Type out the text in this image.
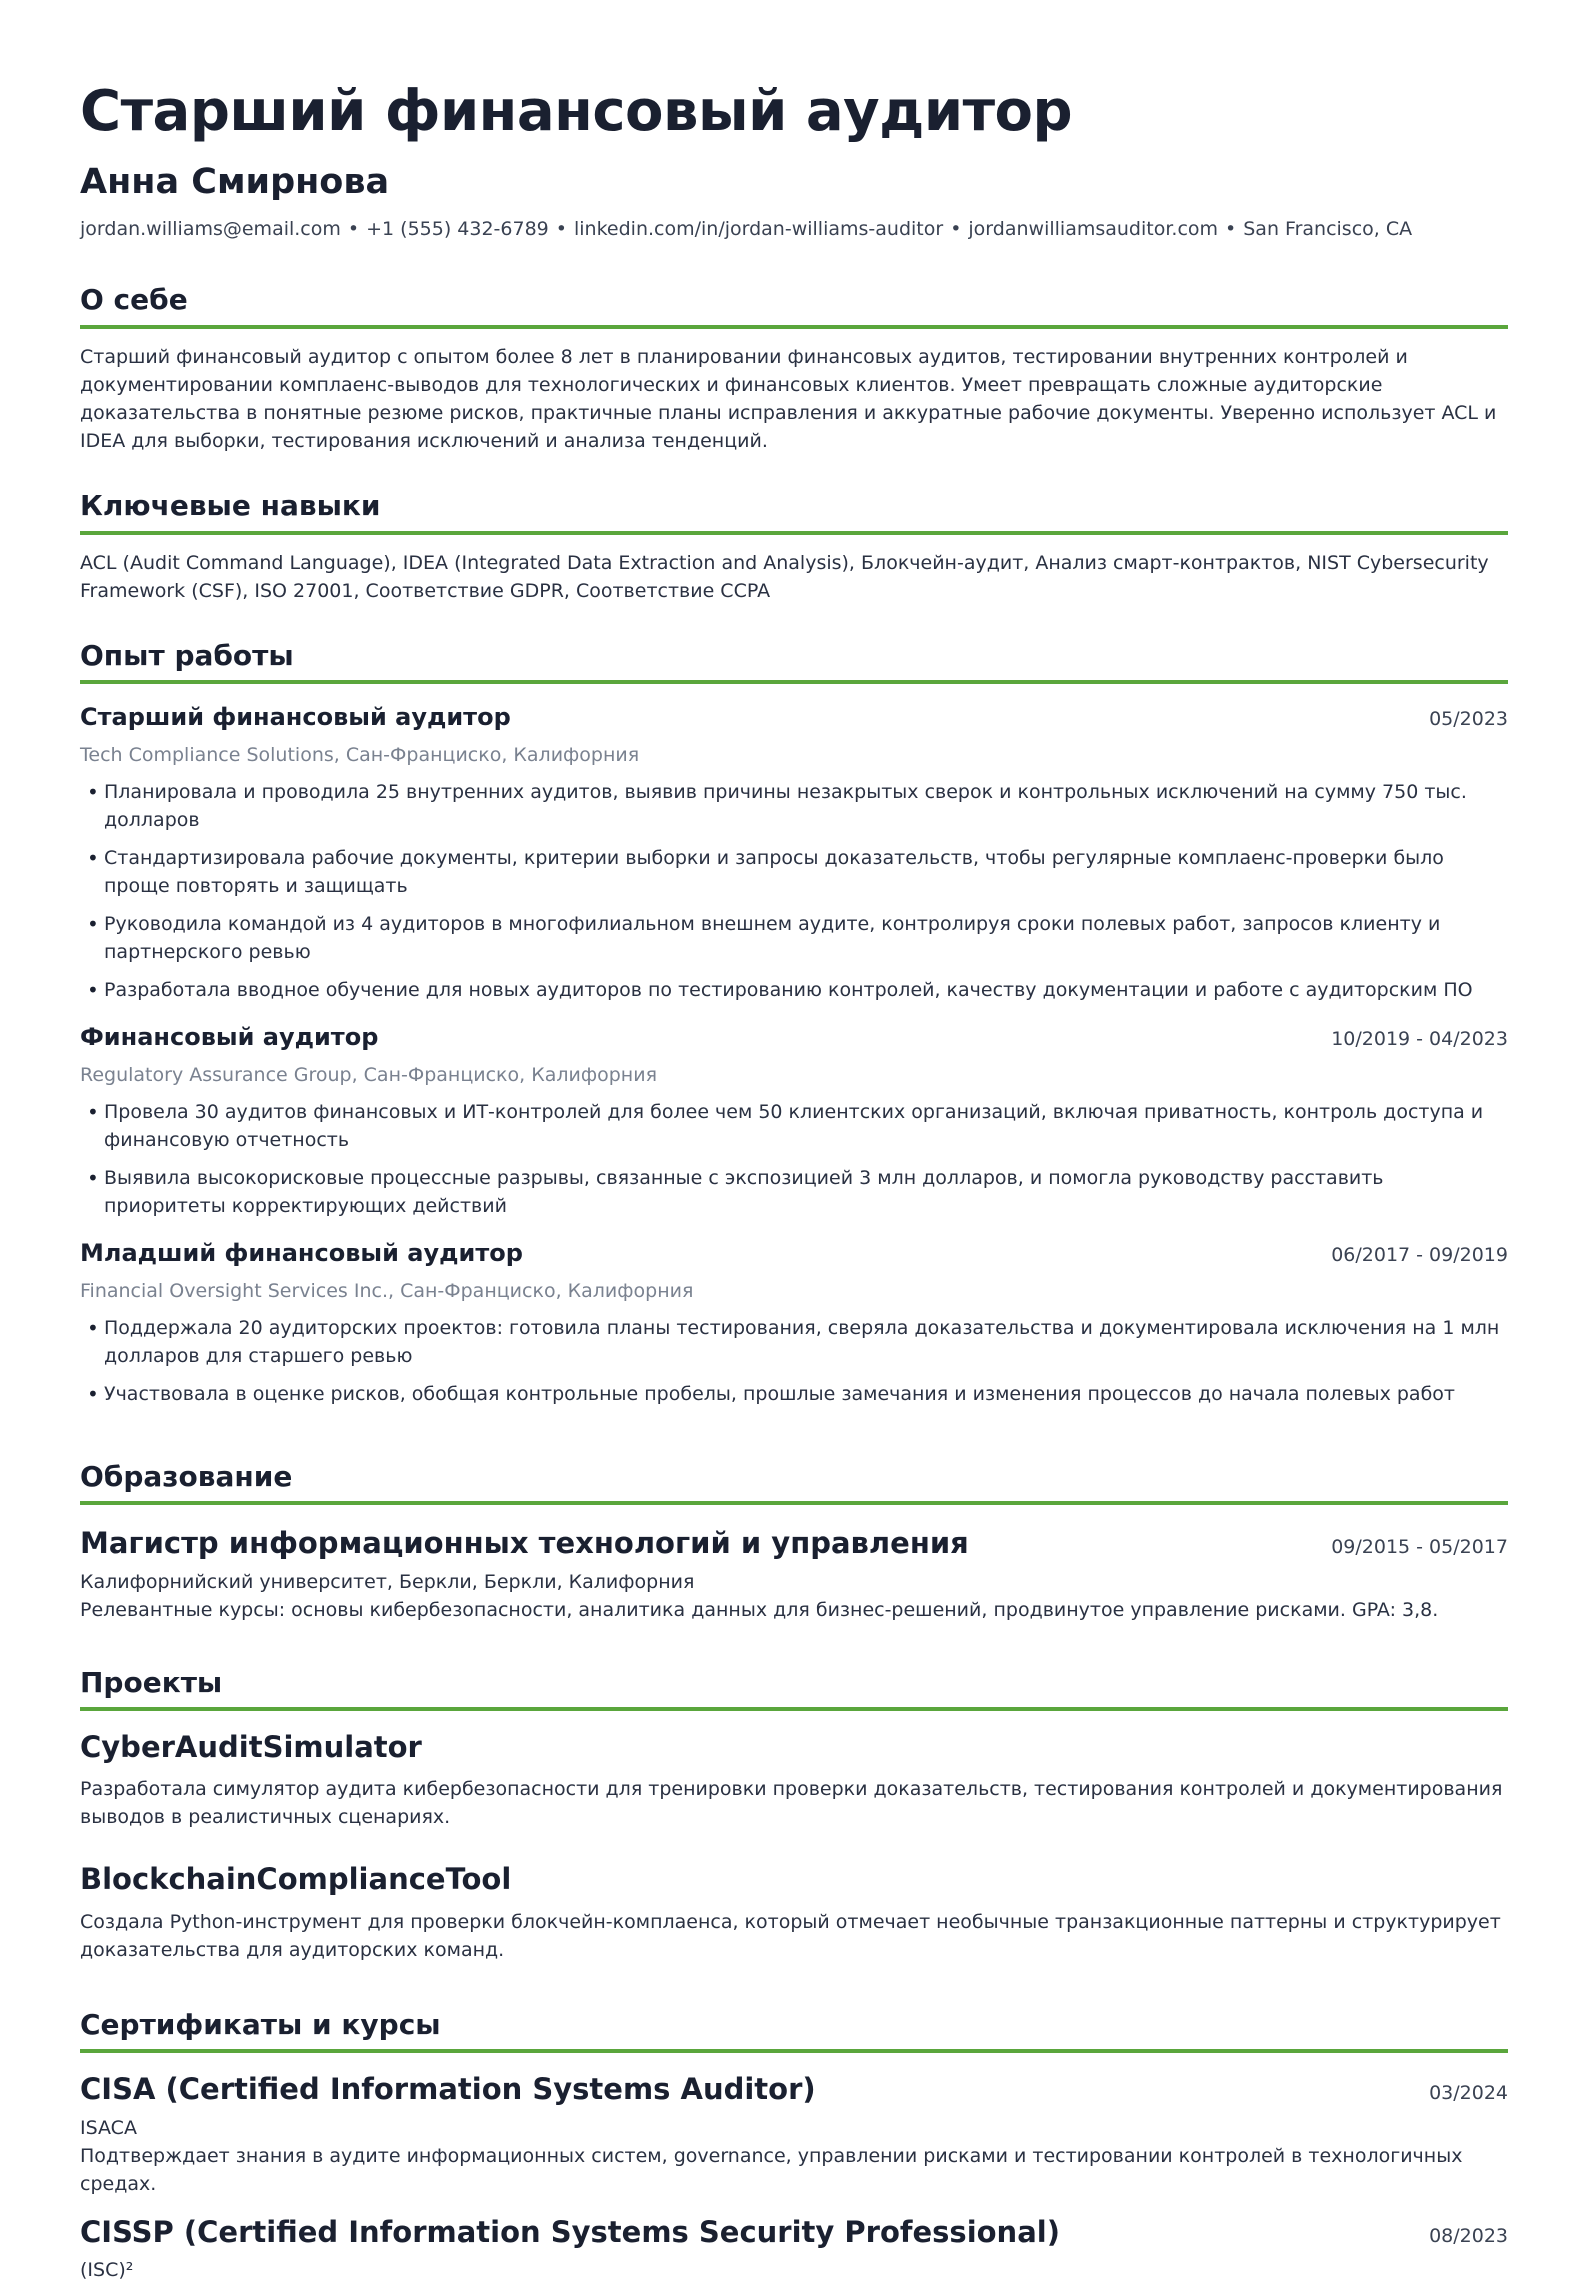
Старший финансовый аудитор
Анна Смирнова
jordan.williams@email.com • +1 (555) 432-6789 • linkedin.com/in/jordan-williams-auditor • jordanwilliamsauditor.com • San Francisco, CA
О себе

Старший финансовый аудитор с опытом более 8 лет в планировании финансовых аудитов, тестировании внутренних контролей и документировании комплаенс-выводов для технологических и финансовых клиентов. Умеет превращать сложные аудиторские доказательства в понятные резюме рисков, практичные планы исправления и аккуратные рабочие документы. Уверенно использует ACL и IDEA для выборки, тестирования исключений и анализа тенденций.

Ключевые навыки

ACL (Audit Command Language), IDEA (Integrated Data Extraction and Analysis), Блокчейн-аудит, Анализ смарт-контрактов, NIST Cybersecurity Framework (CSF), ISO 27001, Соответствие GDPR, Соответствие CCPA

Опыт работы
Старший финансовый аудитор	05/2023
Tech Compliance Solutions, Сан-Франциско, Калифорния
• Планировала и проводила 25 внутренних аудитов, выявив причины незакрытых сверок и контрольных исключений на сумму 750 тыс. долларов
• Стандартизировала рабочие документы, критерии выборки и запросы доказательств, чтобы регулярные комплаенс-проверки было проще повторять и защищать
• Руководила командой из 4 аудиторов в многофилиальном внешнем аудите, контролируя сроки полевых работ, запросов клиенту и партнерского ревью
• Разработала вводное обучение для новых аудиторов по тестированию контролей, качеству документации и работе с аудиторским ПО
Финансовый аудитор	10/2019 - 04/2023
Regulatory Assurance Group, Сан-Франциско, Калифорния
• Провела 30 аудитов финансовых и ИТ-контролей для более чем 50 клиентских организаций, включая приватность, контроль доступа и финансовую отчетность
• Выявила высокорисковые процессные разрывы, связанные с экспозицией 3 млн долларов, и помогла руководству расставить приоритеты корректирующих действий
Младший финансовый аудитор	06/2017 - 09/2019
Financial Oversight Services Inc., Сан-Франциско, Калифорния
• Поддержала 20 аудиторских проектов: готовила планы тестирования, сверяла доказательства и документировала исключения на 1 млн долларов для старшего ревью
• Участвовала в оценке рисков, обобщая контрольные пробелы, прошлые замечания и изменения процессов до начала полевых работ
Образование
Магистр информационных технологий и управления	09/2015 - 05/2017
Калифорнийский университет, Беркли, Беркли, Калифорния
Релевантные курсы: основы кибербезопасности, аналитика данных для бизнес-решений, продвинутое управление рисками. GPA: 3,8.
Проекты
CyberAuditSimulator

Разработала симулятор аудита кибербезопасности для тренировки проверки доказательств, тестирования контролей и документирования выводов в реалистичных сценариях.

BlockchainComplianceTool

Создала Python-инструмент для проверки блокчейн-комплаенса, который отмечает необычные транзакционные паттерны и структурирует доказательства для аудиторских команд.

Сертификаты и курсы
CISA (Certified Information Systems Auditor)	03/2024
ISACA
Подтверждает знания в аудите информационных систем, governance, управлении рисками и тестировании контролей в технологичных средах.
CISSP (Certified Information Systems Security Professional)	08/2023
(ISC)²
